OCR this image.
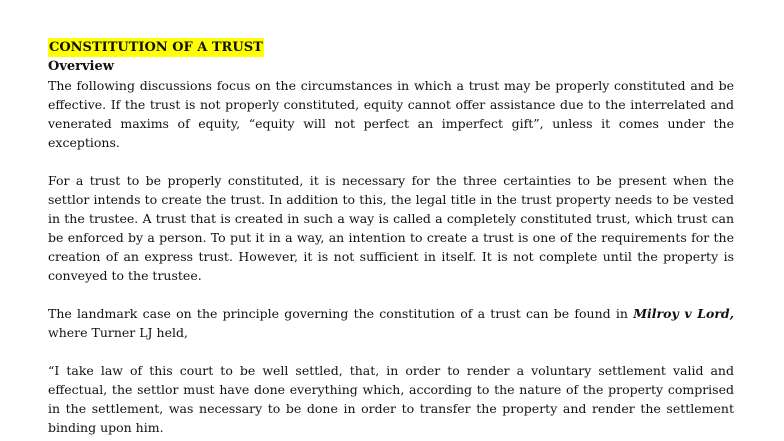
CONSTITUTION OF A TRUST

Overview

The following discussions focus on the circumstances in which a trust may be properly constituted and be effective. If the trust is not properly constituted, equity cannot offer assistance due to the interrelated and venerated maxims of equity, “equity will not perfect an imperfect gift”, unless it comes under the exceptions.

For a trust to be properly constituted, it is necessary for the three certainties to be present when the settlor intends to create the trust. In addition to this, the legal title in the trust property needs to be vested in the trustee. A trust that is created in such a way is called a completely constituted trust, which trust can be enforced by a person. To put it in a way, an intention to create a trust is one of the requirements for the creation of an express trust. However, it is not sufficient in itself. It is not complete until the property is conveyed to the trustee.

The landmark case on the principle governing the constitution of a trust can be found in Milroy v Lord, where Turner LJ held,

“I take law of this court to be well settled, that, in order to render a voluntary settlement valid and effectual, the settlor must have done everything which, according to the nature of the property comprised in the settlement, was necessary to be done in order to transfer the property and render the settlement binding upon him.
